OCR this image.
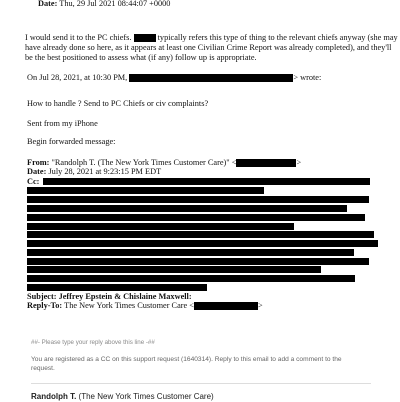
Date: Thu, 29 Jul 2021 08:44:07 +0000
I would send it to the PC chiefs.	typically refers this type of thing to the relevant chiefs anyway (she may
have already done so here, as it appears at least one Civilian Crime Report was already completed), and they'll
be the best positioned to assess what (if any) follow up is appropriate.
On Jul 28, 2021, at 10:30 PM,	> wrote:
How to handle ? Send to PC Chiefs or civ complaints?
Sent from my iPhone
Begin forwarded message:
From: "Randolph T. (The New York Times Customer Care)" <	>
Date: July 28, 2021 at 9:23:15 PM EDT
Cc:
Subject: Jeffrey Epstein & Chislaine Maxwell:
Reply-To: The New York Times Customer Care <	>
##- Please type your reply above this line -##
You are registered as a CC on this support request (1640314). Reply to this email to add a comment to the request.
Randolph T. (The New York Times Customer Care)
